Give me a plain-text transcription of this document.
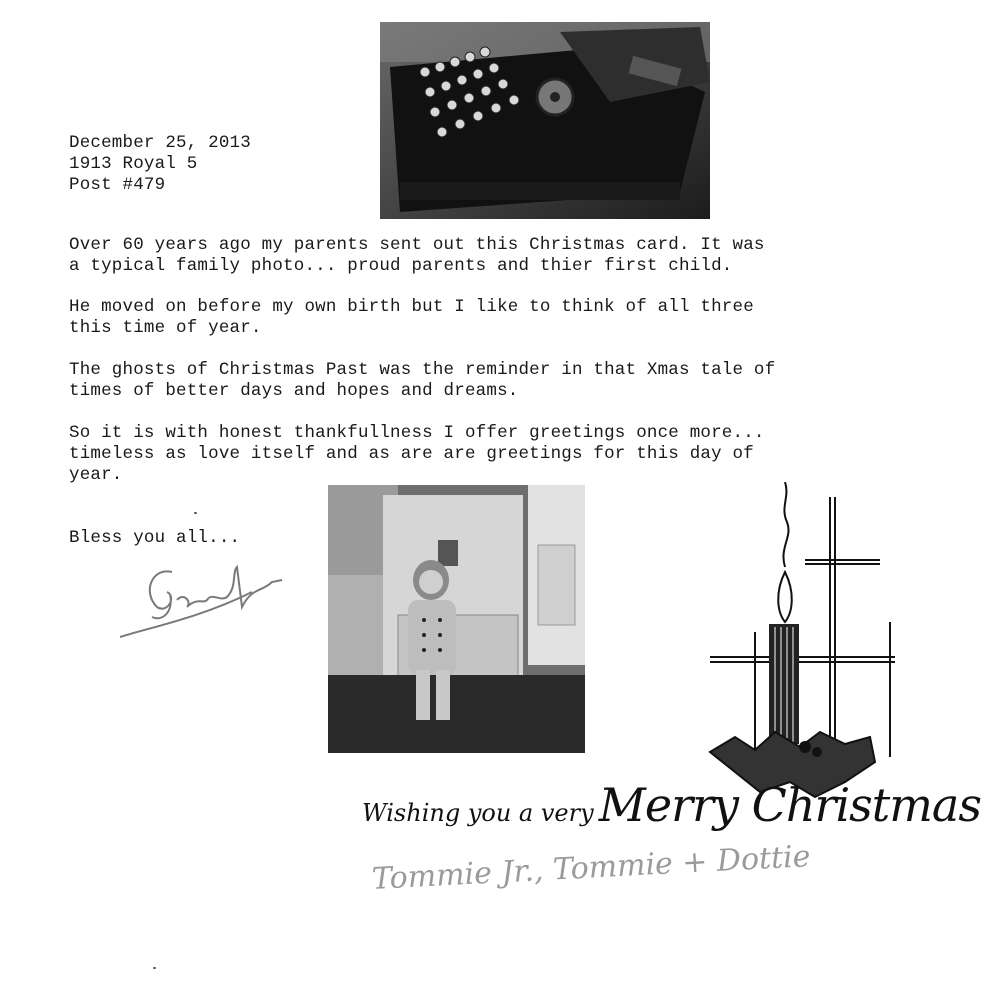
December 25, 2013
1913 Royal 5
Post #479
Over 60 years ago my parents sent out this Christmas card. It was
a typical family photo... proud parents and thier first child.
He moved on before my own birth but I like to think of all three
this time of year.
The ghosts of Christmas Past was the reminder in that Xmas tale of
times of better days and hopes and dreams.
So it is with honest thankfullness I offer greetings once more...
timeless as love itself and as are are greetings for this day of
year.
Bless you all...
Wishing you a very Merry Christmas
Tommie Jr., Tommie + Dottie
